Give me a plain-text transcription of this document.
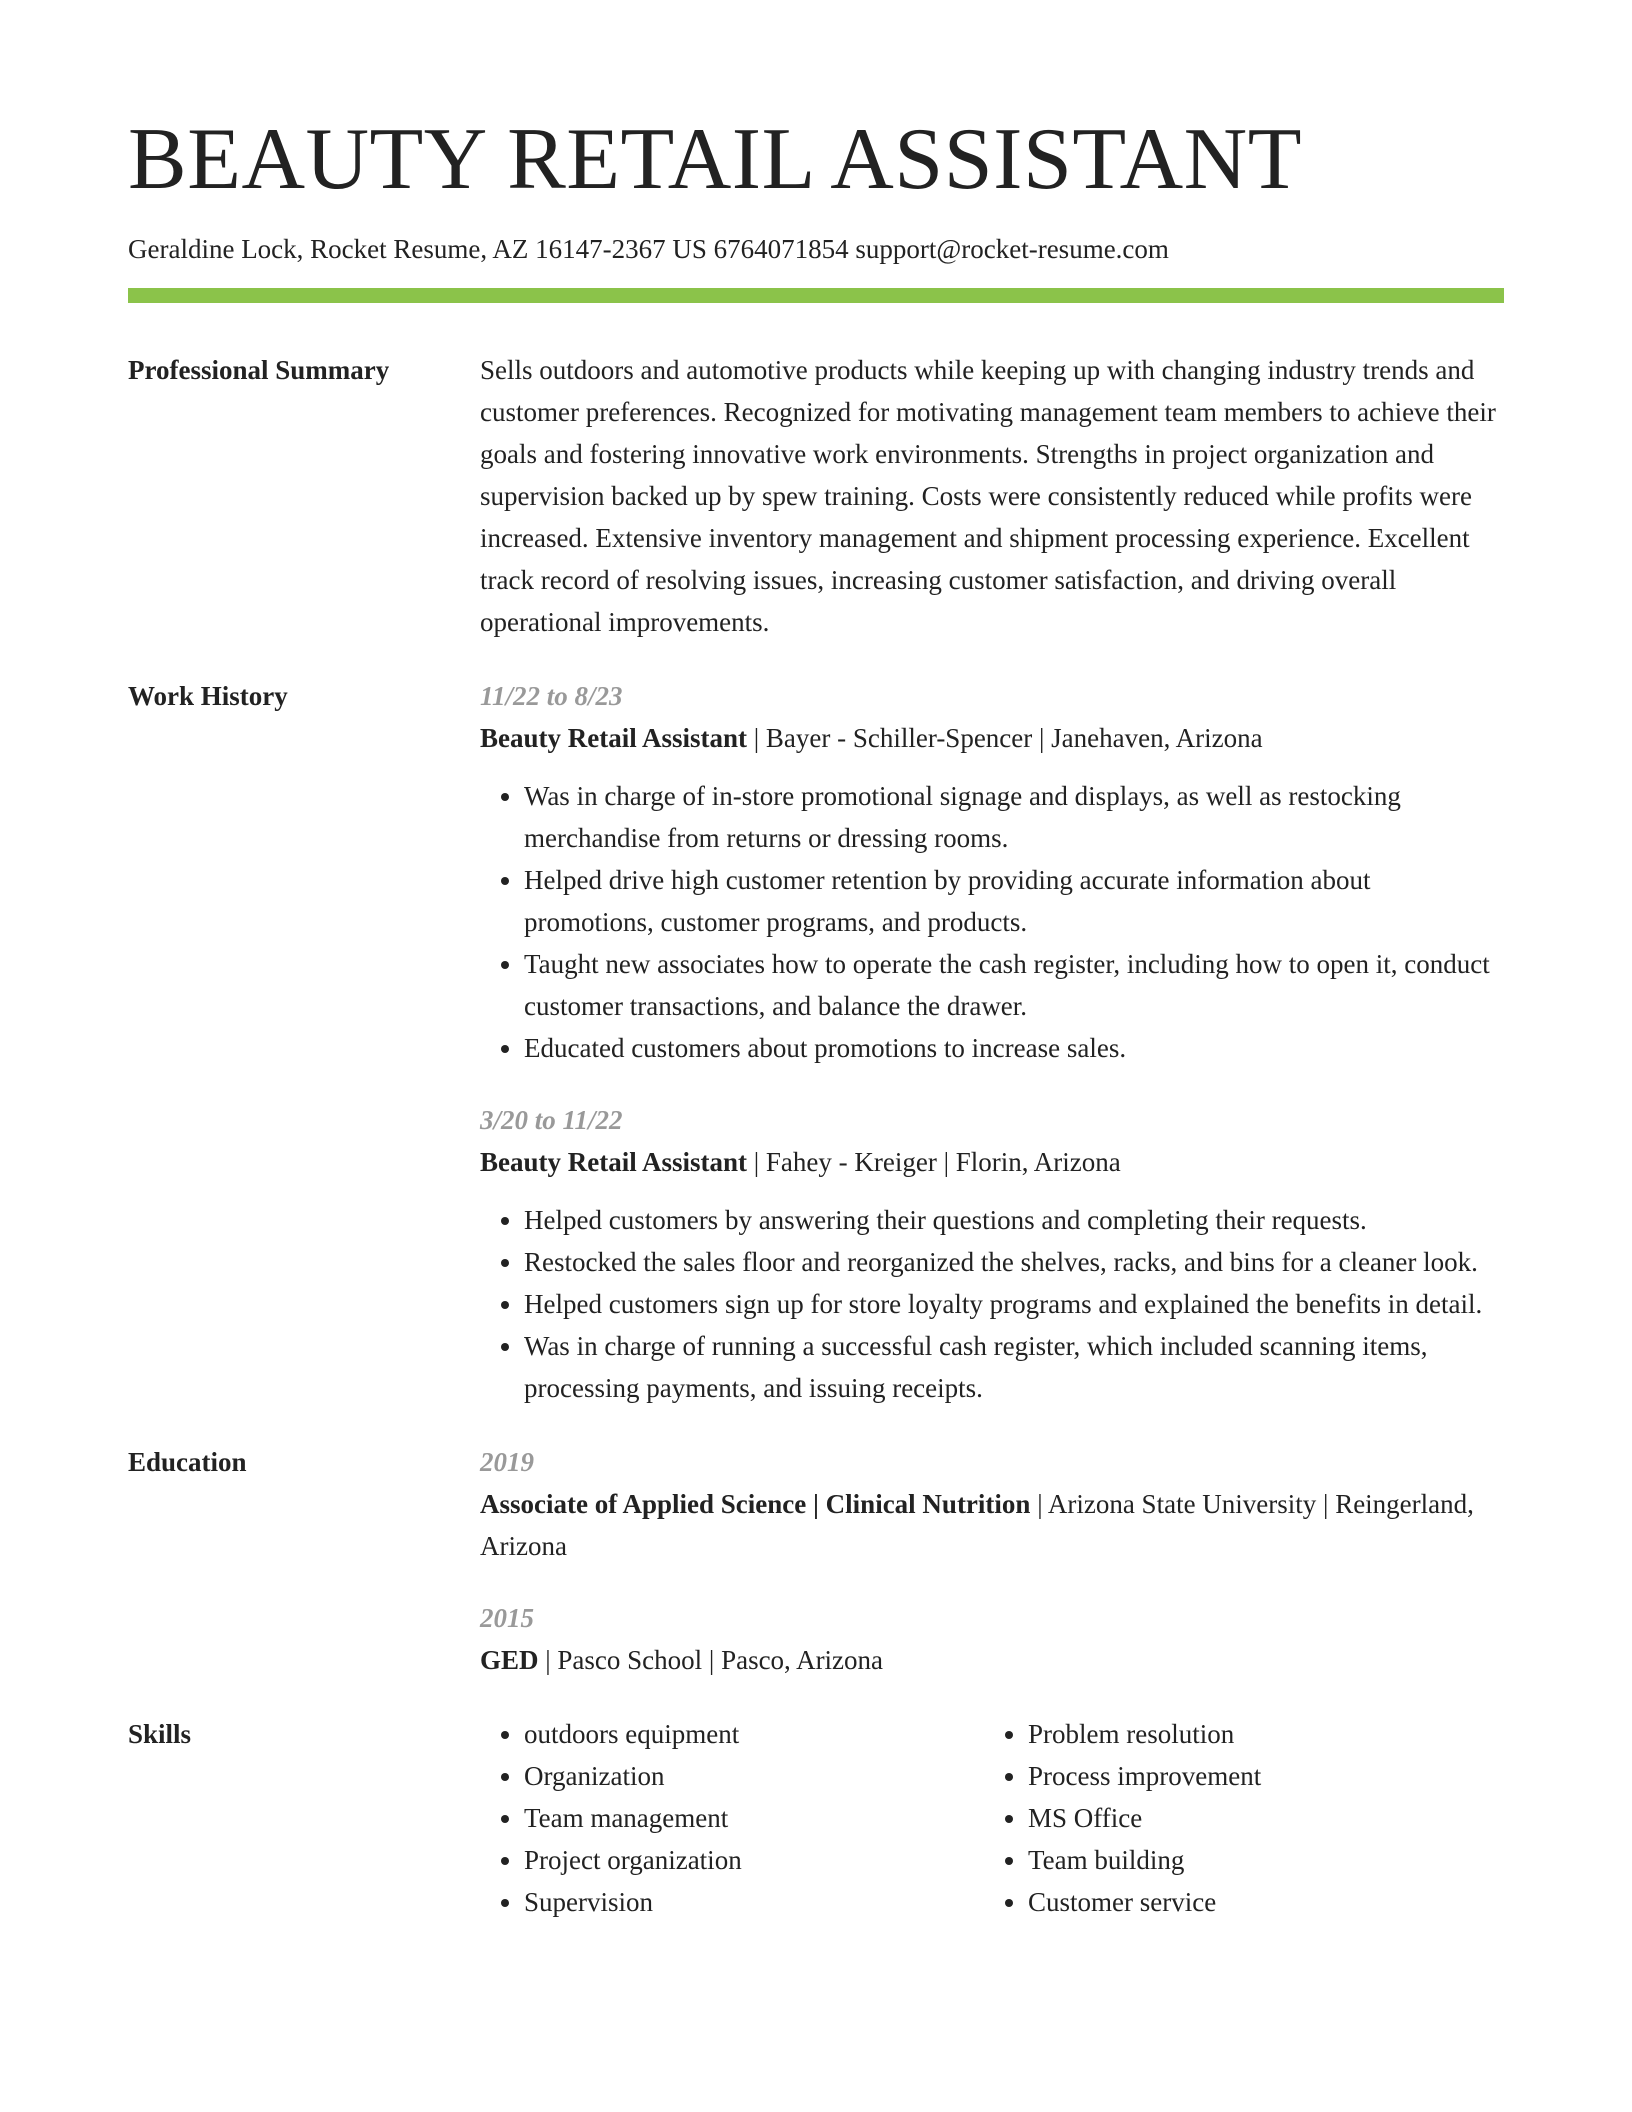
BEAUTY RETAIL ASSISTANT
Geraldine Lock, Rocket Resume, AZ 16147-2367 US 6764071854 support@rocket-resume.com
Professional Summary	Sells outdoors and automotive products while keeping up with changing industry trends and customer preferences. Recognized for motivating management team members to achieve their goals and fostering innovative work environments. Strengths in project organization and supervision backed up by spew training. Costs were consistently reduced while profits were increased. Extensive inventory management and shipment processing experience. Excellent track record of resolving issues, increasing customer satisfaction, and driving overall operational improvements.

Work History	11/22 to 8/23
Beauty Retail Assistant | Bayer - Schiller-Spencer | Janehaven, Arizona
• Was in charge of in-store promotional signage and displays, as well as restocking merchandise from returns or dressing rooms.
• Helped drive high customer retention by providing accurate information about promotions, customer programs, and products.
• Taught new associates how to operate the cash register, including how to open it, conduct customer transactions, and balance the drawer.
• Educated customers about promotions to increase sales.
3/20 to 11/22
Beauty Retail Assistant | Fahey - Kreiger | Florin, Arizona
• Helped customers by answering their questions and completing their requests.
• Restocked the sales floor and reorganized the shelves, racks, and bins for a cleaner look.
• Helped customers sign up for store loyalty programs and explained the benefits in detail.
• Was in charge of running a successful cash register, which included scanning items, processing payments, and issuing receipts.
Education	2019
Associate of Applied Science | Clinical Nutrition | Arizona State University | Reingerland, Arizona
2015
GED | Pasco School | Pasco, Arizona
Skills
•	outdoors equipment
• Organization
• Team management
• Project organization
• Supervision
• Problem resolution
• Process improvement
• MS Office
• Team building
• Customer service
